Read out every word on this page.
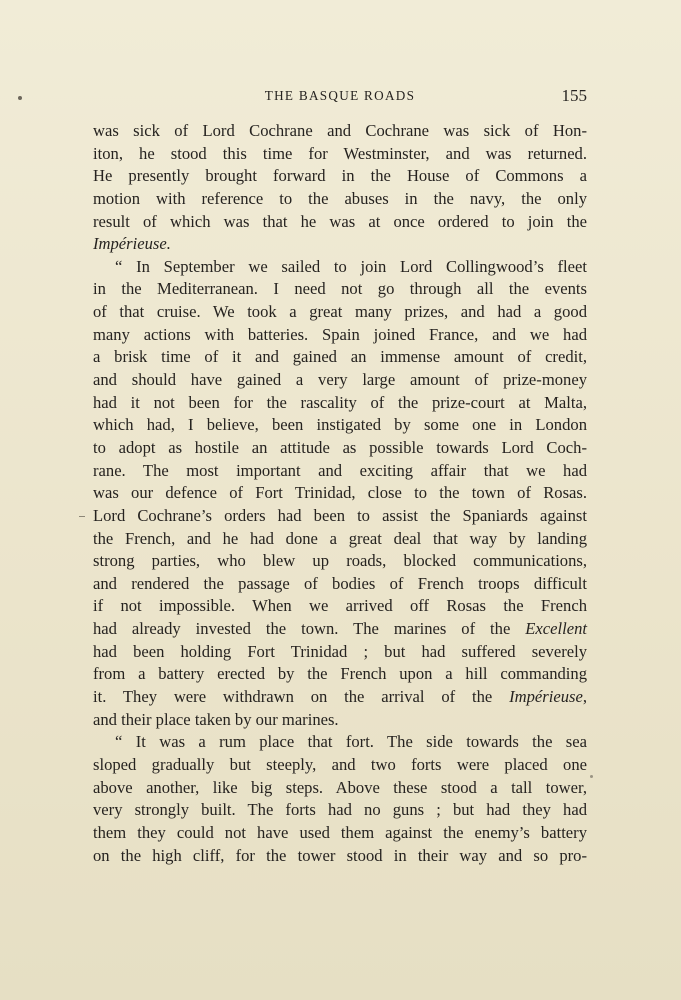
THE BASQUE ROADS	155
was sick of Lord Cochrane and Cochrane was sick of Hon-
iton, he stood this time for Westminster, and was returned.
He presently brought forward in the House of Commons a
motion with reference to the abuses in the navy, the only
result of which was that he was at once ordered to join the
Impérieuse.
“ In September we sailed to join Lord Collingwood’s fleet
in the Mediterranean. I need not go through all the events
of that cruise. We took a great many prizes, and had a good
many actions with batteries. Spain joined France, and we had
a brisk time of it and gained an immense amount of credit,
and should have gained a very large amount of prize-money
had it not been for the rascality of the prize-court at Malta,
which had, I believe, been instigated by some one in London
to adopt as hostile an attitude as possible towards Lord Coch-
rane. The most important and exciting affair that we had
was our defence of Fort Trinidad, close to the town of Rosas.
Lord Cochrane’s orders had been to assist the Spaniards against
the French, and he had done a great deal that way by landing
strong parties, who blew up roads, blocked communications,
and rendered the passage of bodies of French troops difficult
if not impossible. When we arrived off Rosas the French
had already invested the town. The marines of the Excellent
had been holding Fort Trinidad ; but had suffered severely
from a battery erected by the French upon a hill commanding
it. They were withdrawn on the arrival of the Impérieuse,
and their place taken by our marines.
“ It was a rum place that fort. The side towards the sea
sloped gradually but steeply, and two forts were placed one
above another, like big steps. Above these stood a tall tower,
very strongly built. The forts had no guns ; but had they had
them they could not have used them against the enemy’s battery
on the high cliff, for the tower stood in their way and so pro-
